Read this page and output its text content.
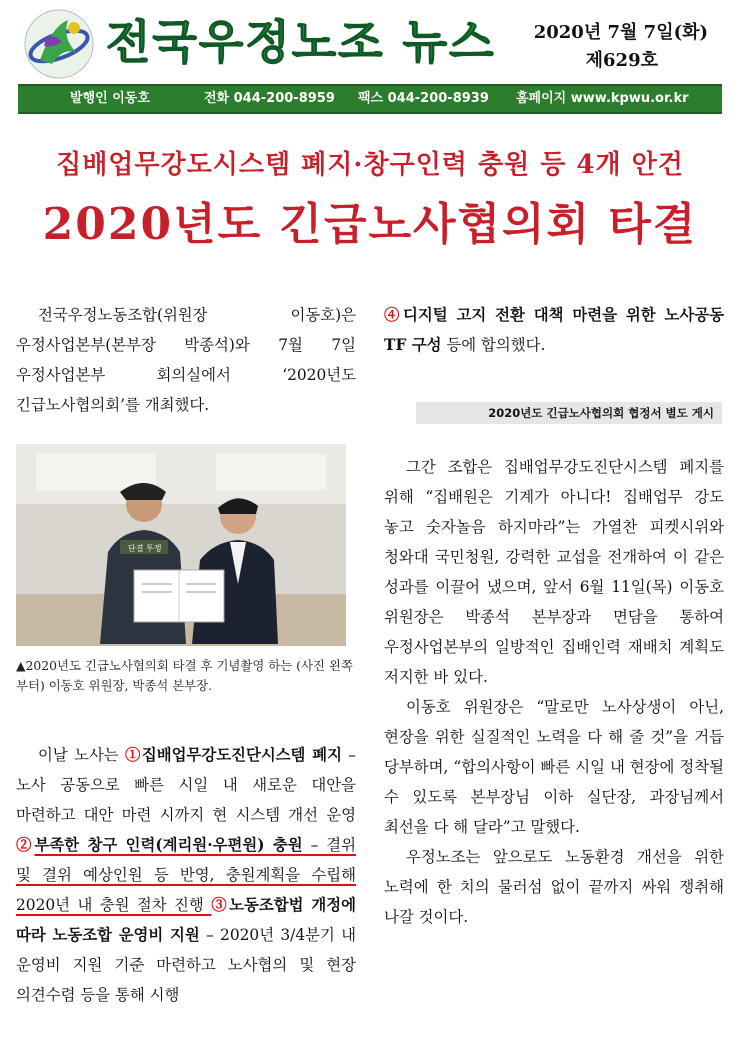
전국우정노조 뉴스 2020년 7월 7일(화)
제629호
발행인 이동호	전화 044-200-8959 팩스 044-200-8939 홈페이지 www.kpwu.or.kr
집배업무강도시스템 폐지·창구인력 충원 등 4개 안건
2020년도 긴급노사협의회 타결

전국우정노동조합(위원장 이동호)은 우정사업본부(본부장 박종석)와 7월 7일 우정사업본부 회의실에서 ‘2020년도 긴급노사협의회’를 개최했다.

단결 투쟁
▲2020년도 긴급노사협의회 타결 후 기념촬영 하는 (사진 왼쪽부터) 이동호 위원장, 박종석 본부장.

이날 노사는 ①집배업무강도진단시스템 폐지 – 노사 공동으로 빠른 시일 내 새로운 대안을 마련하고 대안 마련 시까지 현 시스템 개선 운영 ②부족한 창구 인력(계리원·우편원) 충원 – 결위 및 결위 예상인원 등 반영, 충원계획을 수립해 2020년 내 충원 절차 진행 ③노동조합법 개정에 따라 노동조합 운영비 지원 – 2020년 3/4분기 내 운영비 지원 기준 마련하고 노사협의 및 현장 의견수렴 등을 통해 시행

④디지털 고지 전환 대책 마련을 위한 노사공동 TF 구성 등에 합의했다.

2020년도 긴급노사협의회 협정서 별도 게시

그간 조합은 집배업무강도진단시스템 폐지를 위해 “집배원은 기계가 아니다! 집배업무 강도 놓고 숫자놀음 하지마라”는 가열찬 피켓시위와 청와대 국민청원, 강력한 교섭을 전개하여 이 같은 성과를 이끌어 냈으며, 앞서 6월 11일(목) 이동호 위원장은 박종석 본부장과 면담을 통하여 우정사업본부의 일방적인 집배인력 재배치 계획도 저지한 바 있다.

이동호 위원장은 “말로만 노사상생이 아닌, 현장을 위한 실질적인 노력을 다 해 줄 것”을 거듭 당부하며, “합의사항이 빠른 시일 내 현장에 정착될 수 있도록 본부장님 이하 실단장, 과장님께서 최선을 다 해 달라”고 말했다.

우정노조는 앞으로도 노동환경 개선을 위한 노력에 한 치의 물러섬 없이 끝까지 싸워 쟁취해 나갈 것이다.
